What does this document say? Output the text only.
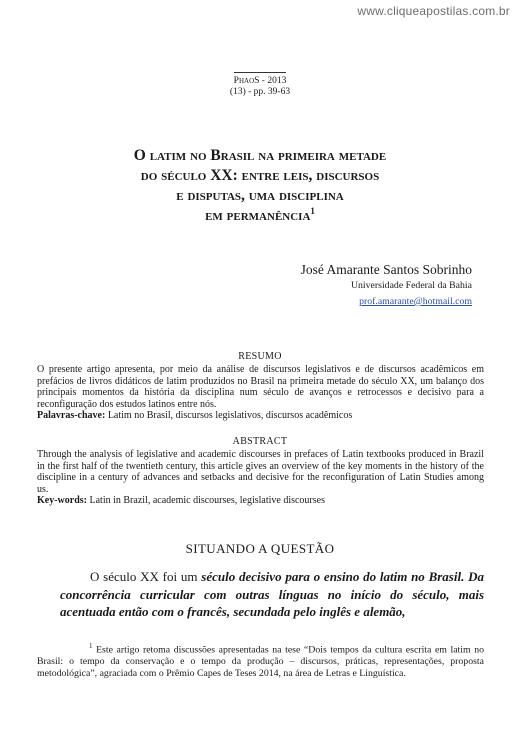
www.cliqueapostilas.com.br
PhaoS - 2013
(13) - pp. 39-63
O latim no Brasil na primeira metade
do século XX: entre leis, discursos
e disputas, uma disciplina
em permanência$^1$
José Amarante Santos Sobrinho
Universidade Federal da Bahia
prof.amarante@hotmail.com
RESUMO
O presente artigo apresenta, por meio da análise de discursos legislativos e de discursos acadêmicos em prefácios de livros didáticos de latim produzidos no Brasil na primeira metade do século XX, um balanço dos principais momentos da história da disciplina num século de avanços e retrocessos e decisivo para a reconfiguração dos estudos latinos entre nós.
Palavras-chave: Latim no Brasil, discursos legislativos, discursos acadêmicos
ABSTRACT
Through the analysis of legislative and academic discourses in prefaces of Latin textbooks produced in Brazil in the first half of the twentieth century, this article gives an overview of the key moments in the history of the discipline in a century of advances and setbacks and decisive for the reconfiguration of Latin Studies among us.
Key-words: Latin in Brazil, academic discourses, legislative discourses
SITUANDO A QUESTÃO
O século XX foi um século decisivo para o ensino do latim no Brasil. Da concorrência curricular com outras línguas no início do século, mais acentuada então com o francês, secundada pelo inglês e alemão,
$^1$ Este artigo retoma discussões apresentadas na tese “Dois tempos da cultura escrita em latim no Brasil: o tempo da conservação e o tempo da produção – discursos, práticas, representações, proposta metodológica”, agraciada com o Prêmio Capes de Teses 2014, na área de Letras e Linguística.
